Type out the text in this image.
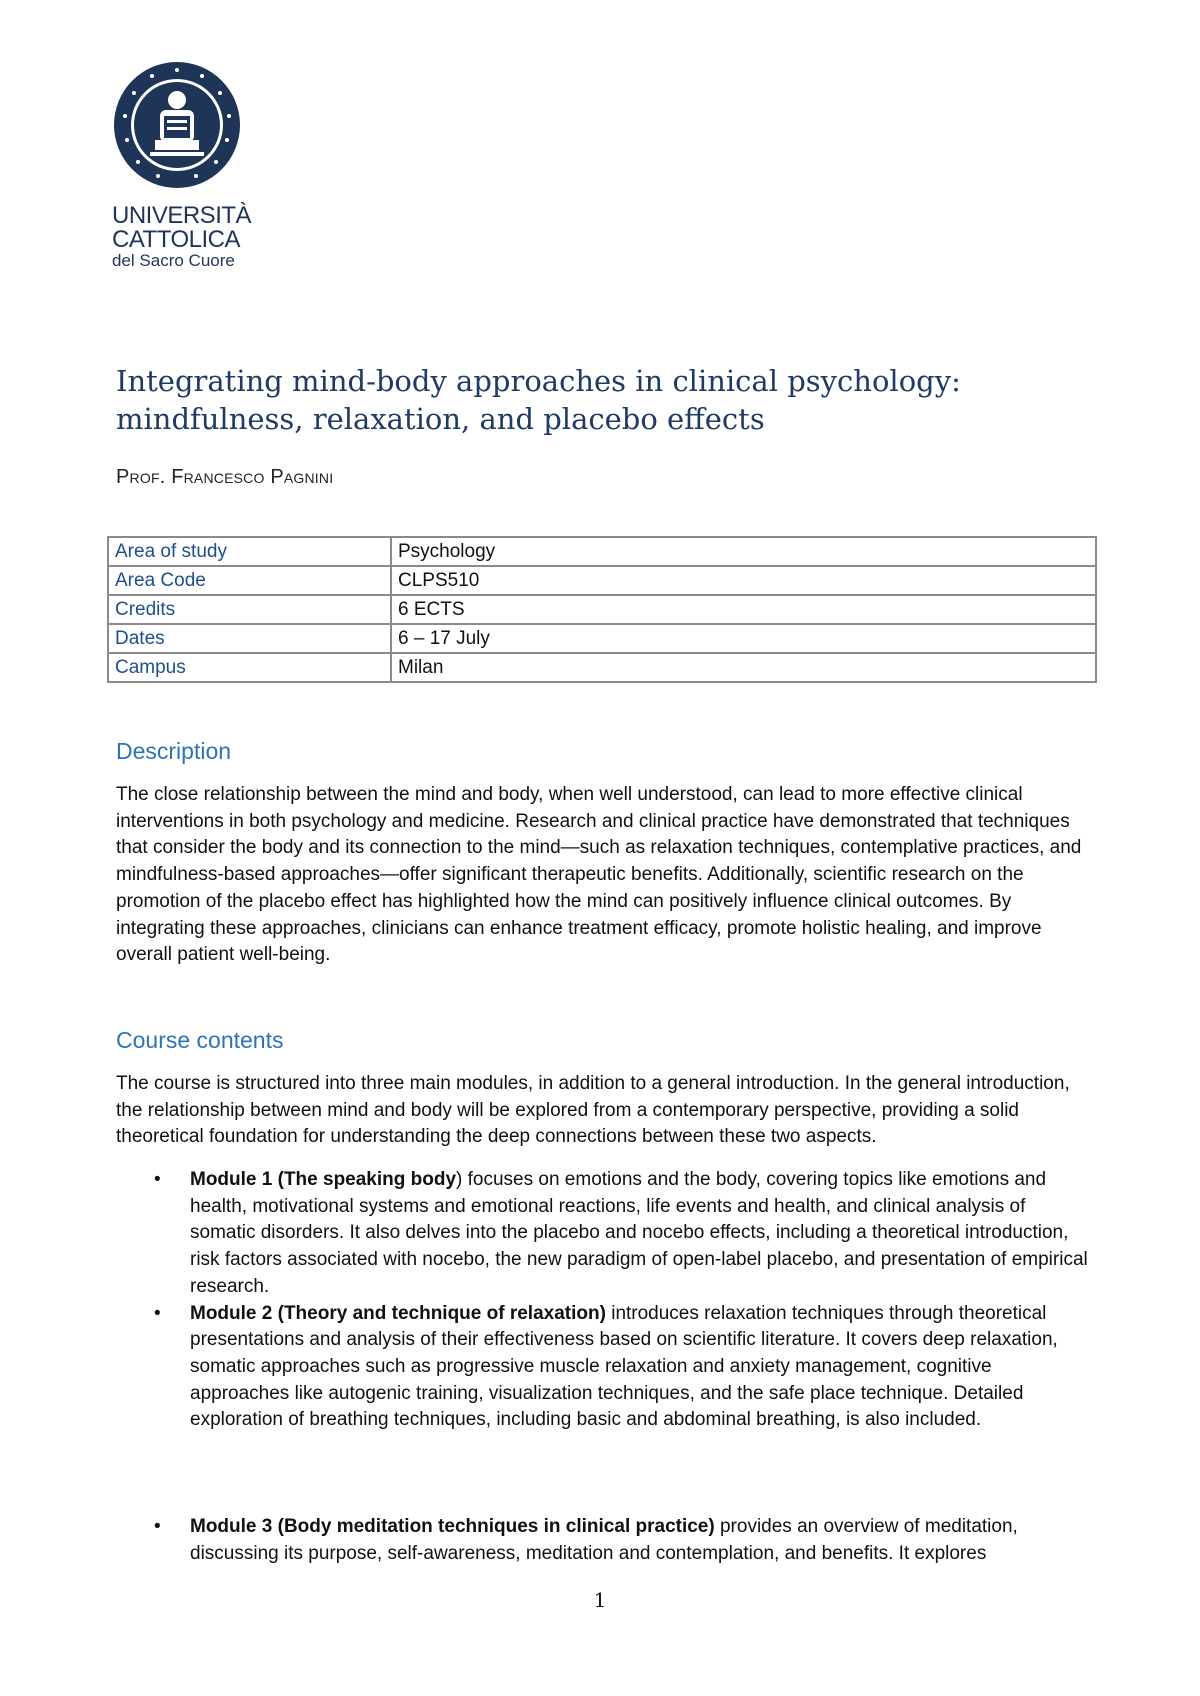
UNIVERSITÀ
CATTOLICA
del Sacro Cuore
Integrating mind-body approaches in clinical psychology: mindfulness, relaxation, and placebo effects
Prof. Francesco Pagnini
Area of study	Psychology
Area Code	CLPS510
Credits	6 ECTS
Dates	6 – 17 July
Campus	Milan
Description

The close relationship between the mind and body, when well understood, can lead to more effective clinical interventions in both psychology and medicine. Research and clinical practice have demonstrated that techniques that consider the body and its connection to the mind—such as relaxation techniques, contemplative practices, and mindfulness-based approaches—offer significant therapeutic benefits. Additionally, scientific research on the promotion of the placebo effect has highlighted how the mind can positively influence clinical outcomes. By integrating these approaches, clinicians can enhance treatment efficacy, promote holistic healing, and improve overall patient well-being.

Course contents

The course is structured into three main modules, in addition to a general introduction. In the general introduction, the relationship between mind and body will be explored from a contemporary perspective, providing a solid theoretical foundation for understanding the deep connections between these two aspects.

• Module 1 (The speaking body) focuses on emotions and the body, covering topics like emotions and health, motivational systems and emotional reactions, life events and health, and clinical analysis of somatic disorders. It also delves into the placebo and nocebo effects, including a theoretical introduction, risk factors associated with nocebo, the new paradigm of open-label placebo, and presentation of empirical research.
• Module 2 (Theory and technique of relaxation) introduces relaxation techniques through theoretical presentations and analysis of their effectiveness based on scientific literature. It covers deep relaxation, somatic approaches such as progressive muscle relaxation and anxiety management, cognitive approaches like autogenic training, visualization techniques, and the safe place technique. Detailed exploration of breathing techniques, including basic and abdominal breathing, is also included.
• Module 3 (Body meditation techniques in clinical practice) provides an overview of meditation, discussing its purpose, self-awareness, meditation and contemplation, and benefits. It explores
1
